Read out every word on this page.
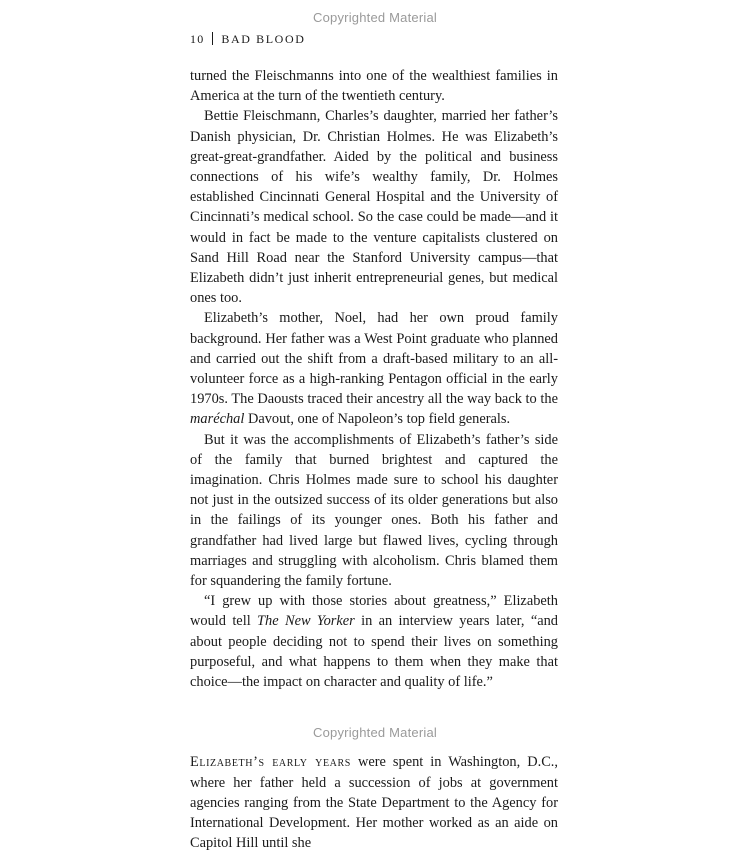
Copyrighted Material
10 BAD BLOOD

turned the Fleischmanns into one of the wealthiest families in America at the turn of the twentieth century.

Bettie Fleischmann, Charles’s daughter, married her father’s Danish physician, Dr. Christian Holmes. He was Elizabeth’s great-great-grandfather. Aided by the political and business connections of his wife’s wealthy family, Dr. Holmes established Cincinnati General Hospital and the University of Cincinnati’s medical school. So the case could be made—and it would in fact be made to the venture capitalists clustered on Sand Hill Road near the Stanford University campus—that Elizabeth didn’t just inherit entrepreneurial genes, but medical ones too.

Elizabeth’s mother, Noel, had her own proud family background. Her father was a West Point graduate who planned and carried out the shift from a draft-based military to an all-volunteer force as a high-ranking Pentagon official in the early 1970s. The Daousts traced their ancestry all the way back to the maréchal Davout, one of Napoleon’s top field generals.

But it was the accomplishments of Elizabeth’s father’s side of the family that burned brightest and captured the imagination. Chris Holmes made sure to school his daughter not just in the outsized success of its older generations but also in the failings of its younger ones. Both his father and grandfather had lived large but flawed lives, cycling through marriages and struggling with alcoholism. Chris blamed them for squandering the family fortune.

“I grew up with those stories about greatness,” Elizabeth would tell The New Yorker in an interview years later, “and about people deciding not to spend their lives on something purposeful, and what happens to them when they make that choice—the impact on character and quality of life.”

Elizabeth’s early years were spent in Washington, D.C., where her father held a succession of jobs at government agencies ranging from the State Department to the Agency for International Development. Her mother worked as an aide on Capitol Hill until she

Copyrighted Material
